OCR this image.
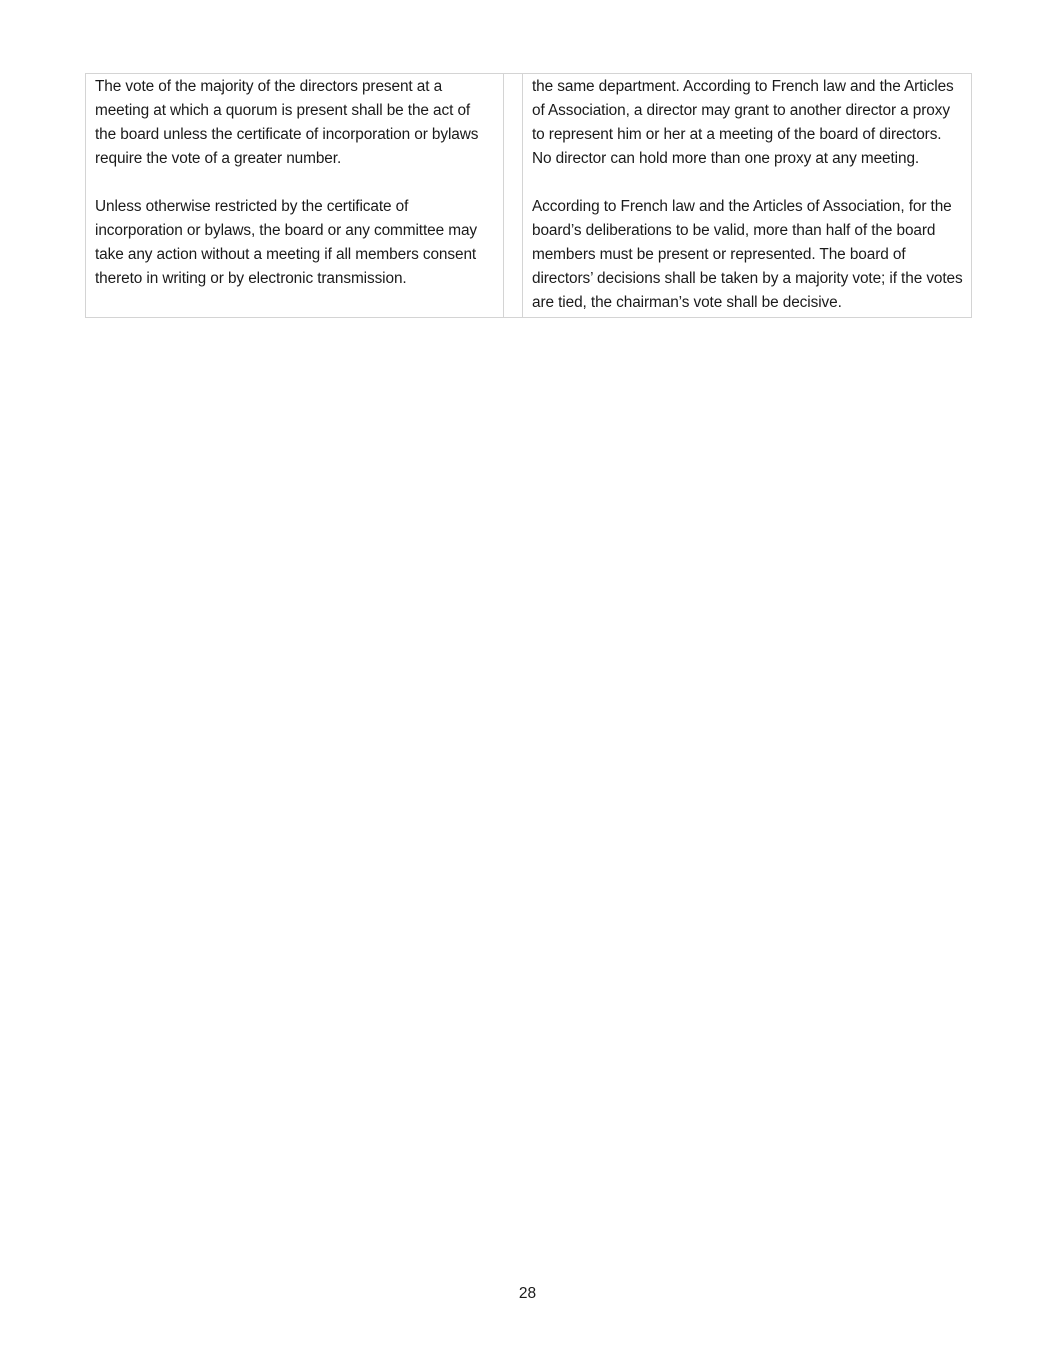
The vote of the majority of the directors present at a meeting at which a quorum is present shall be the act of the board unless the certificate of incorporation or bylaws require the vote of a greater number.

Unless otherwise restricted by the certificate of incorporation or bylaws, the board or any committee may take any action without a meeting if all members consent thereto in writing or by electronic transmission.

the same department. According to French law and the Articles of Association, a director may grant to another director a proxy to represent him or her at a meeting of the board of directors. No director can hold more than one proxy at any meeting.

According to French law and the Articles of Association, for the board’s deliberations to be valid, more than half of the board members must be present or represented. The board of directors’ decisions shall be taken by a majority vote; if the votes are tied, the chairman’s vote shall be decisive.

28
